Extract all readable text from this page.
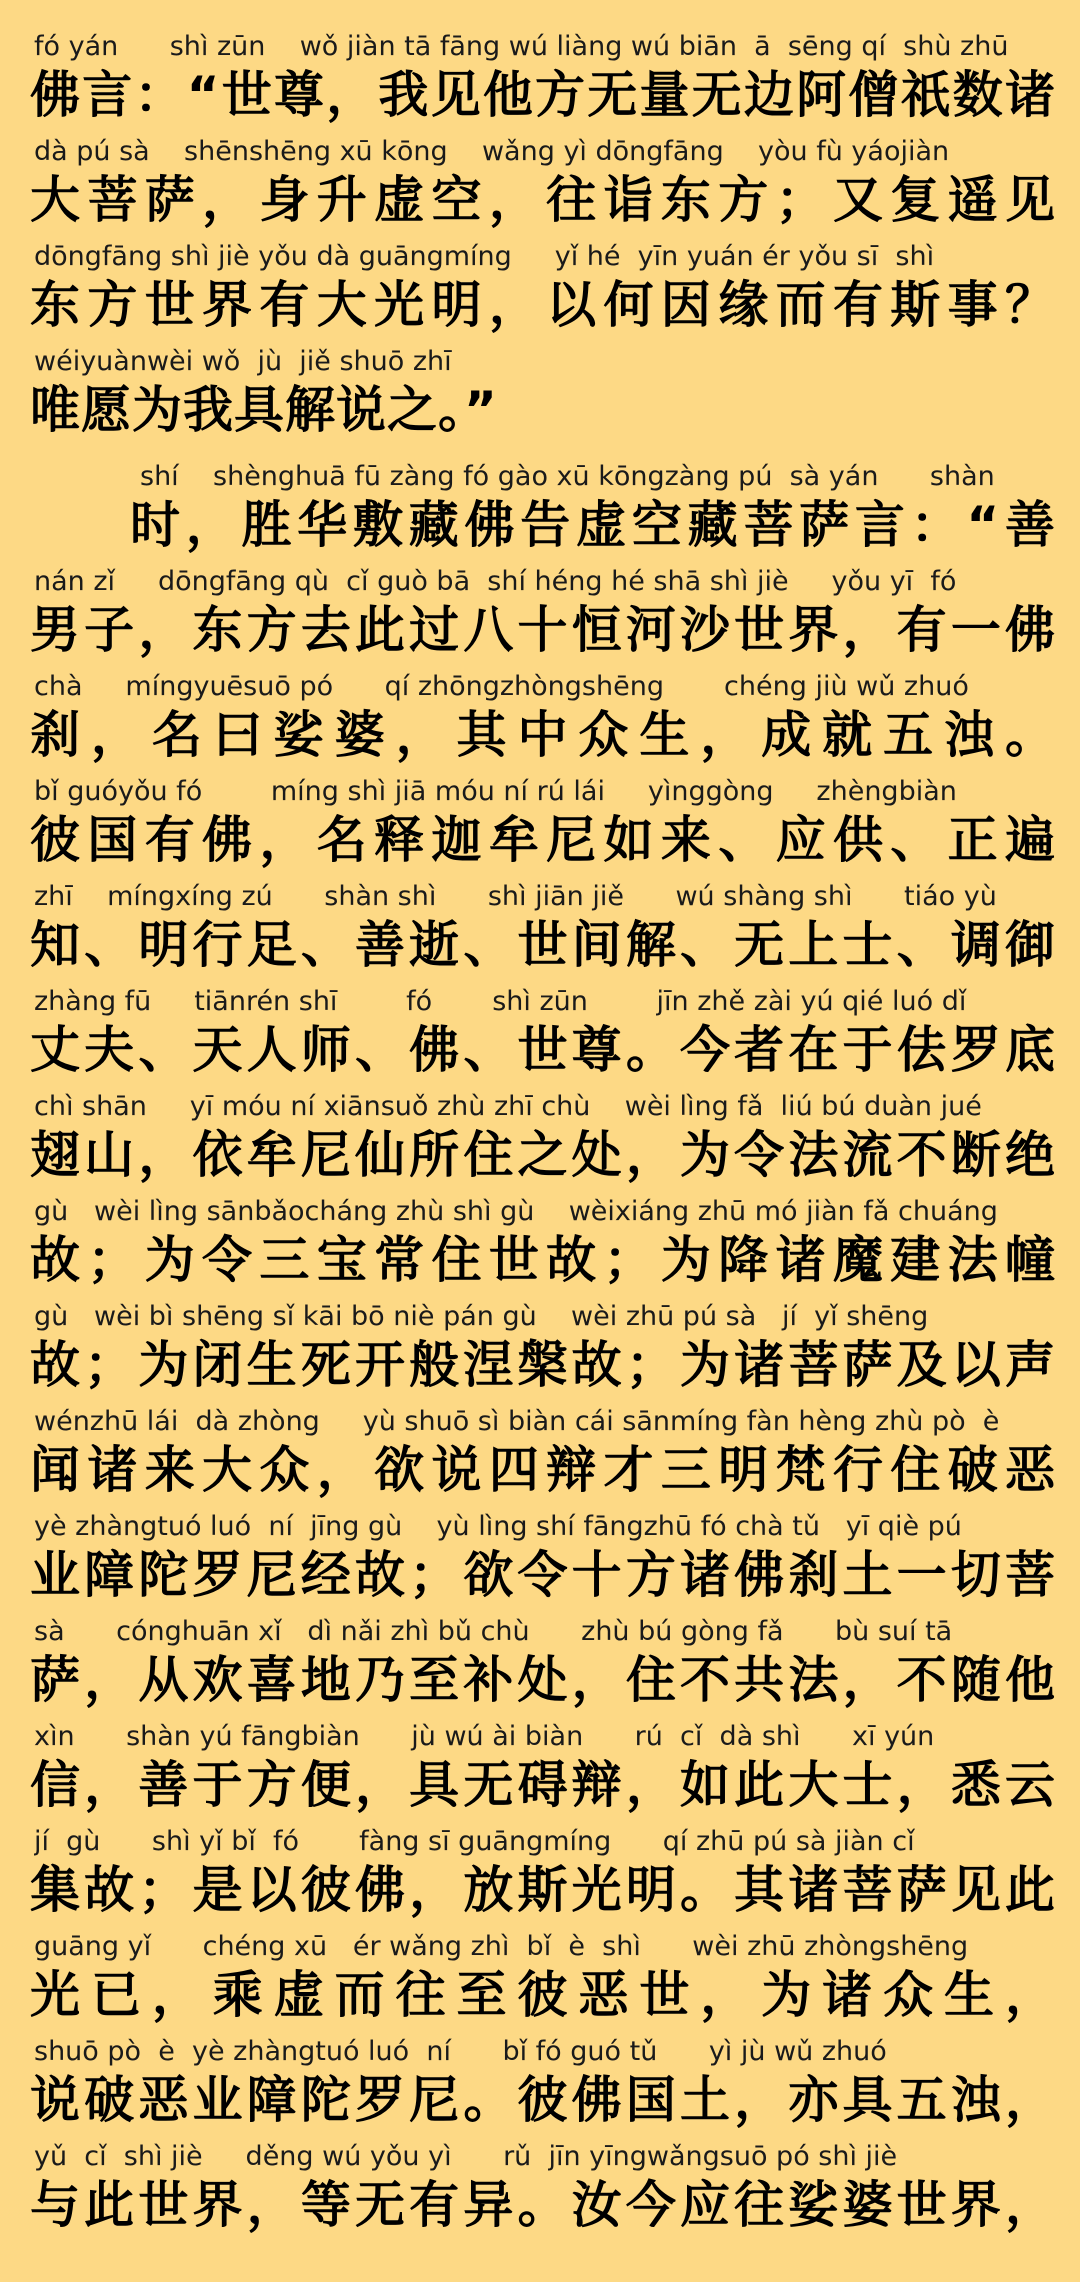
fó yán      shì zūn    wǒ jiàn tā fāng wú liàng wú biān  ā  sēng qí  shù zhū
佛言：“世尊，我见他方无量无边阿僧祇数诸
dà pú sà    shēnshēng xū kōng    wǎng yì dōngfāng    yòu fù yáojiàn
大菩萨，身升虚空，往诣东方；又复遥见
dōngfāng shì jiè yǒu dà guāngmíng     yǐ hé  yīn yuán ér yǒu sī  shì
东方世界有大光明，以何因缘而有斯事？
wéiyuànwèi wǒ  jù  jiě shuō zhī
唯愿为我具解说之。”
shí    shènghuā fū zàng fó gào xū kōngzàng pú  sà yán      shàn
时，胜华敷藏佛告虚空藏菩萨言：“善
nán zǐ     dōngfāng qù  cǐ guò bā  shí héng hé shā shì jiè     yǒu yī  fó
男子，东方去此过八十恒河沙世界，有一佛
chà     míngyuēsuō pó      qí zhōngzhòngshēng       chéng jiù wǔ zhuó
刹，名曰娑婆，其中众生，成就五浊。
bǐ guóyǒu fó        míng shì jiā móu ní rú lái     yìnggòng     zhèngbiàn
彼国有佛，名释迦牟尼如来、应供、正遍
zhī    míngxíng zú      shàn shì      shì jiān jiě      wú shàng shì      tiáo yù
知、明行足、善逝、世间解、无上士、调御
zhàng fū     tiānrén shī        fó       shì zūn        jīn zhě zài yú qié luó dǐ
丈夫、天人师、佛、世尊。今者在于佉罗底
chì shān     yī móu ní xiānsuǒ zhù zhī chù    wèi lìng fǎ  liú bú duàn jué
翅山，依牟尼仙所住之处，为令法流不断绝
gù   wèi lìng sānbǎocháng zhù shì gù    wèixiáng zhū mó jiàn fǎ chuáng
故；为令三宝常住世故；为降诸魔建法幢
gù   wèi bì shēng sǐ kāi bō niè pán gù    wèi zhū pú sà   jí  yǐ shēng
故；为闭生死开般涅槃故；为诸菩萨及以声
wénzhū lái  dà zhòng     yù shuō sì biàn cái sānmíng fàn hèng zhù pò  è
闻诸来大众，欲说四辩才三明梵行住破恶
yè zhàngtuó luó  ní  jīng gù    yù lìng shí fāngzhū fó chà tǔ   yī qiè pú
业障陀罗尼经故；欲令十方诸佛刹土一切菩
sà      cónghuān xǐ   dì nǎi zhì bǔ chù      zhù bú gòng fǎ      bù suí tā
萨，从欢喜地乃至补处，住不共法，不随他
xìn      shàn yú fāngbiàn      jù wú ài biàn      rú  cǐ  dà shì      xī yún
信，善于方便，具无碍辩，如此大士，悉云
jí  gù      shì yǐ bǐ  fó       fàng sī guāngmíng      qí zhū pú sà jiàn cǐ
集故；是以彼佛，放斯光明。其诸菩萨见此
guāng yǐ      chéng xū   ér wǎng zhì  bǐ  è  shì      wèi zhū zhòngshēng
光已，乘虚而往至彼恶世，为诸众生，
shuō pò  è  yè zhàngtuó luó  ní      bǐ fó guó tǔ      yì jù wǔ zhuó
说破恶业障陀罗尼。彼佛国土，亦具五浊，
yǔ  cǐ  shì jiè     děng wú yǒu yì      rǔ  jīn yīngwǎngsuō pó shì jiè
与此世界，等无有异。汝今应往娑婆世界，
